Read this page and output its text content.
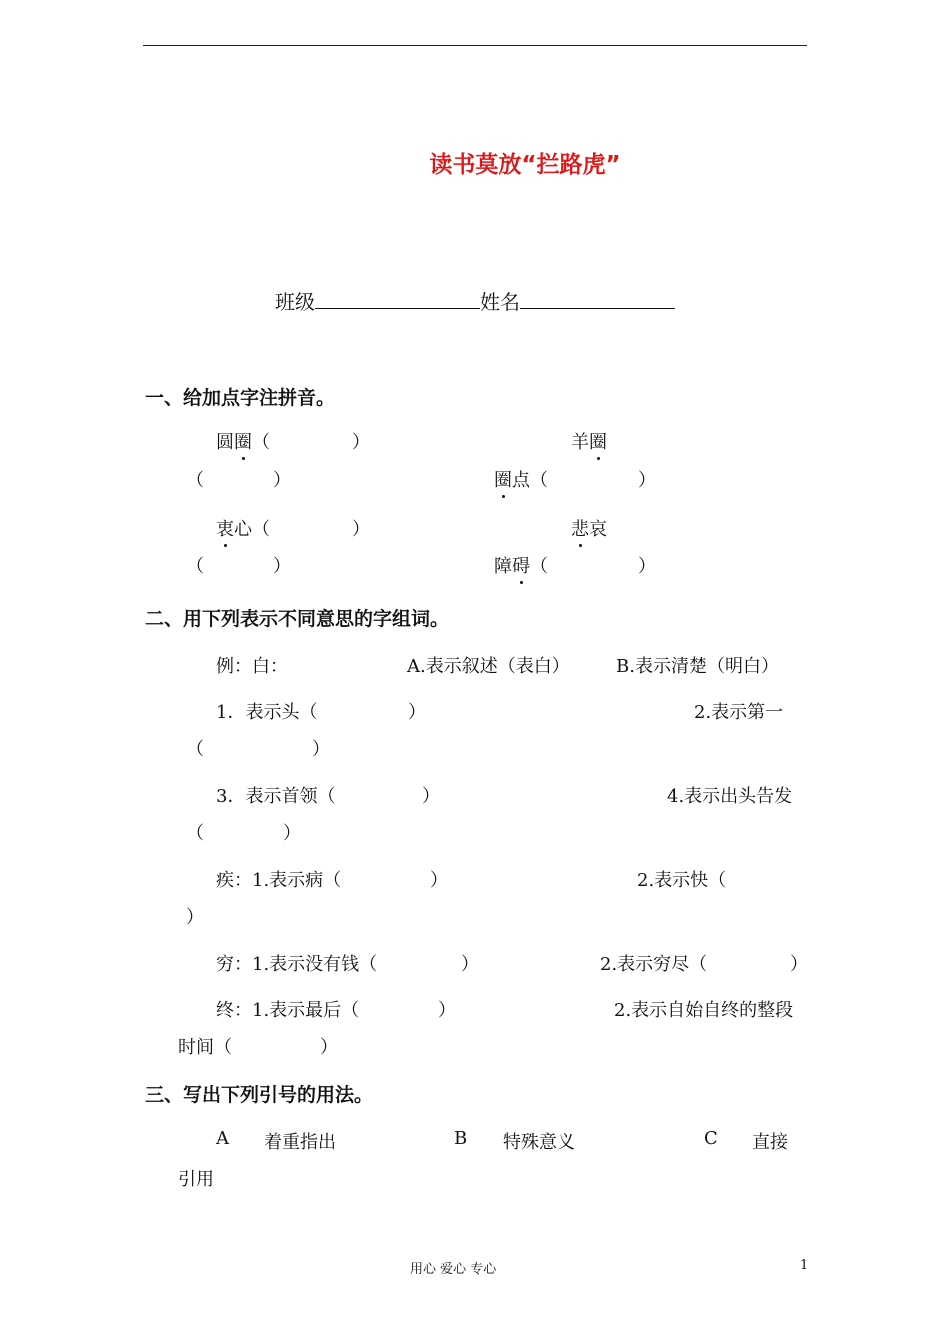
读书莫放“拦路虎”
班级	姓名
一、给加点字注拼音。
圆圈（	）	羊圈
（	）	圈点（	）
衷心（	）	悲哀
（	）	障碍（	）
二、用下列表示不同意思的字组词。
例：白：	A.表示叙述（表白）	B.表示清楚（明白）
1．表示头（	）	2.表示第一
（	）
3．表示首领（	）	4.表示出头告发
（	）
疾：1.表示病（	）	2.表示快（
）
穷：1.表示没有钱（	）	2.表示穷尽（	）
终：1.表示最后（	）	2.表示自始自终的整段
时间（	）
三、写出下列引号的用法。
A 着重指出	B 特殊意义	C 直接
引用
用心 爱心 专心	1
